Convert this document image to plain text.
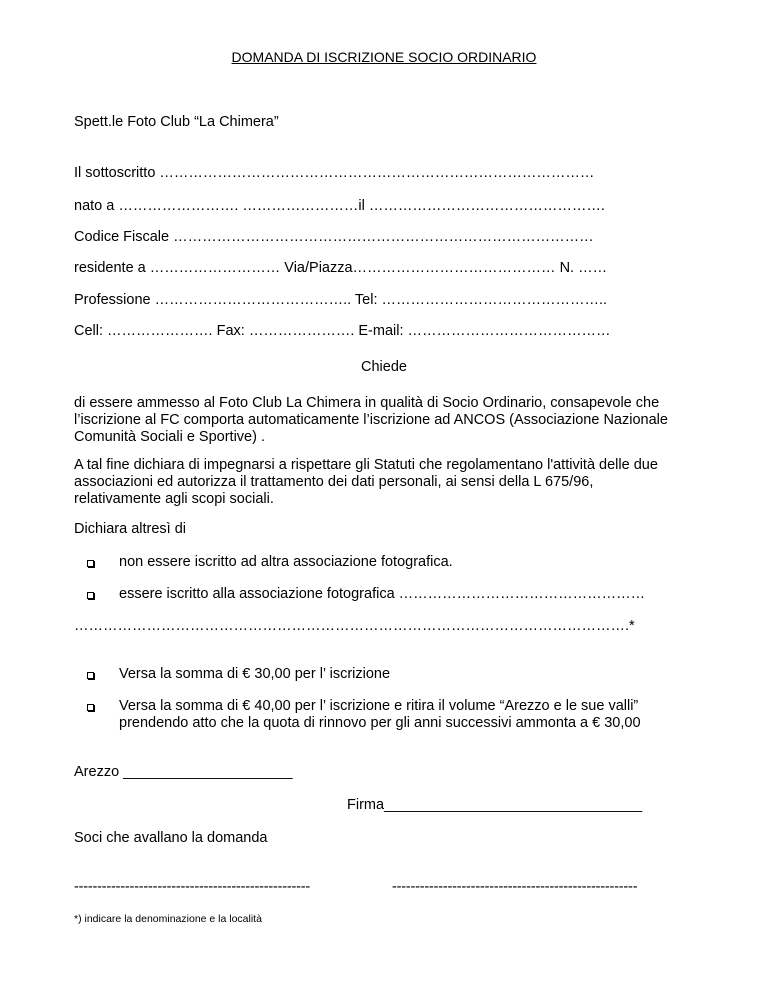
DOMANDA DI ISCRIZIONE SOCIO ORDINARIO
Spett.le Foto Club “La Chimera”
Il sottoscritto ………………………………………………………………………………
nato a ……………………. ……………………il ………………………………………….
Codice Fiscale ……………………………………………………………………………
residente a ……………………… Via/Piazza…………………………………… N. ……
Professione ………………………………….. Tel: ………………………………………..
Cell: …………………. Fax: …………………. E-mail: ……………………………………
Chiede
di essere ammesso al Foto Club La Chimera in qualità di Socio Ordinario, consapevole che l’iscrizione al FC comporta automaticamente l’iscrizione ad ANCOS (Associazione Nazionale Comunità Sociali e Sportive) .
A tal fine dichiara di impegnarsi a rispettare gli Statuti che regolamentano l'attività delle due associazioni ed autorizza il trattamento dei dati personali, ai sensi della L 675/96, relativamente agli scopi sociali.
Dichiara altresì di
non essere iscritto ad altra associazione fotografica.
essere iscritto alla associazione fotografica ……………………………………………
…………………………………………………………………………………………………….*
Versa la somma di € 30,00 per l’ iscrizione
Versa la somma di € 40,00 per l’ iscrizione e ritira il volume “Arezzo e le sue valli”
prendendo atto che la quota di rinnovo per gli anni successivi ammonta a € 30,00
Arezzo _____________________
Firma________________________________
Soci che avallano la domanda
---------------------------------------------------	-----------------------------------------------------
*) indicare la denominazione e la località
